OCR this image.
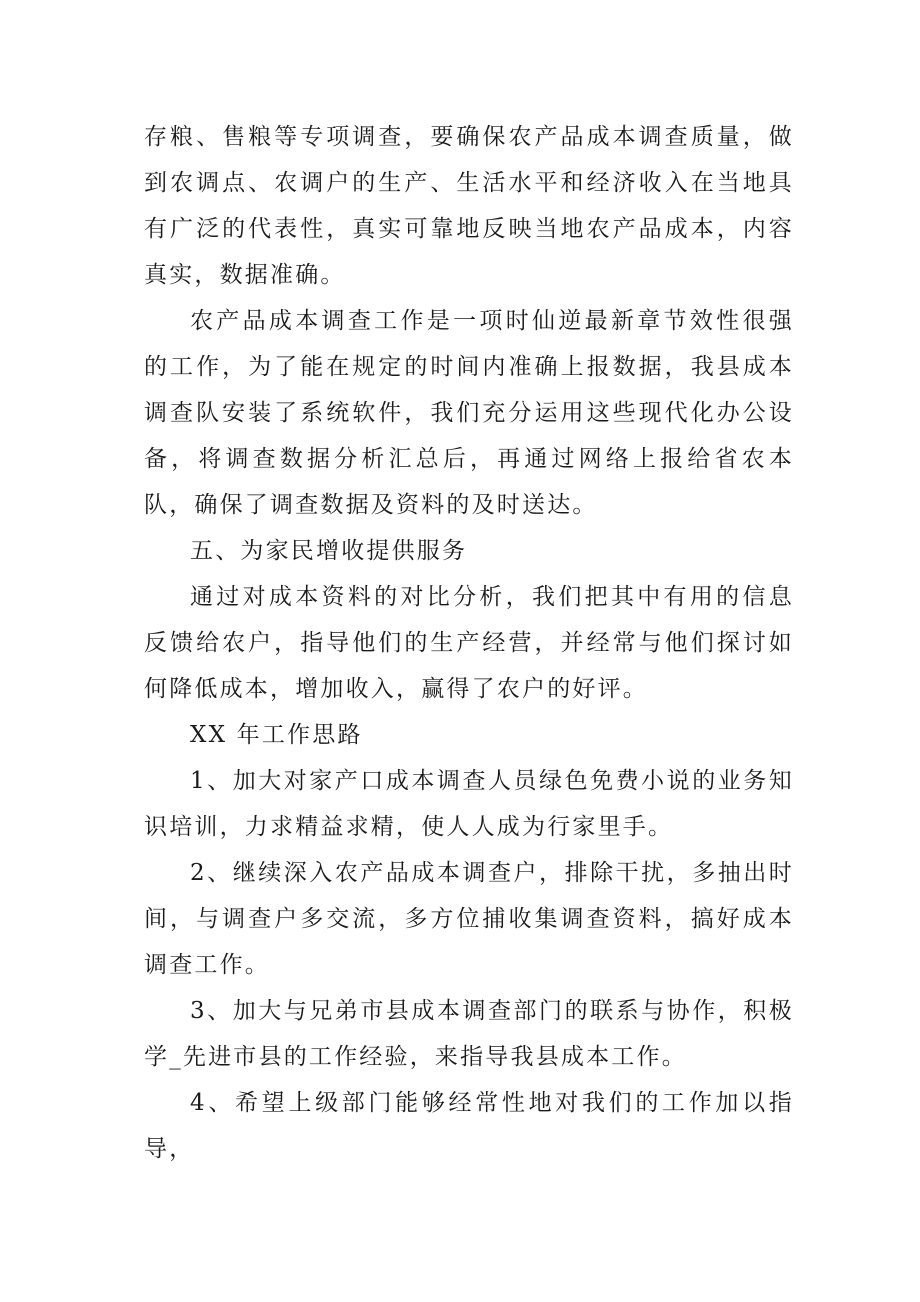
存粮、售粮等专项调查，要确保农产品成本调查质量，做到农调点、农调户的生产、生活水平和经济收入在当地具有广泛的代表性，真实可靠地反映当地农产品成本，内容真实，数据准确。

农产品成本调查工作是一项时仙逆最新章节效性很强的工作，为了能在规定的时间内准确上报数据，我县成本调查队安装了系统软件，我们充分运用这些现代化办公设备，将调查数据分析汇总后，再通过网络上报给省农本队，确保了调查数据及资料的及时送达。

五、为家民增收提供服务

通过对成本资料的对比分析，我们把其中有用的信息反馈给农户，指导他们的生产经营，并经常与他们探讨如何降低成本，增加收入，赢得了农户的好评。

XX 年工作思路

1、加大对家产口成本调查人员绿色免费小说的业务知识培训，力求精益求精，使人人成为行家里手。

2、继续深入农产品成本调查户，排除干扰，多抽出时间，与调查户多交流，多方位捕收集调查资料，搞好成本调查工作。

3、加大与兄弟市县成本调查部门的联系与协作，积极学_先进市县的工作经验，来指导我县成本工作。

4、希望上级部门能够经常性地对我们的工作加以指导，
